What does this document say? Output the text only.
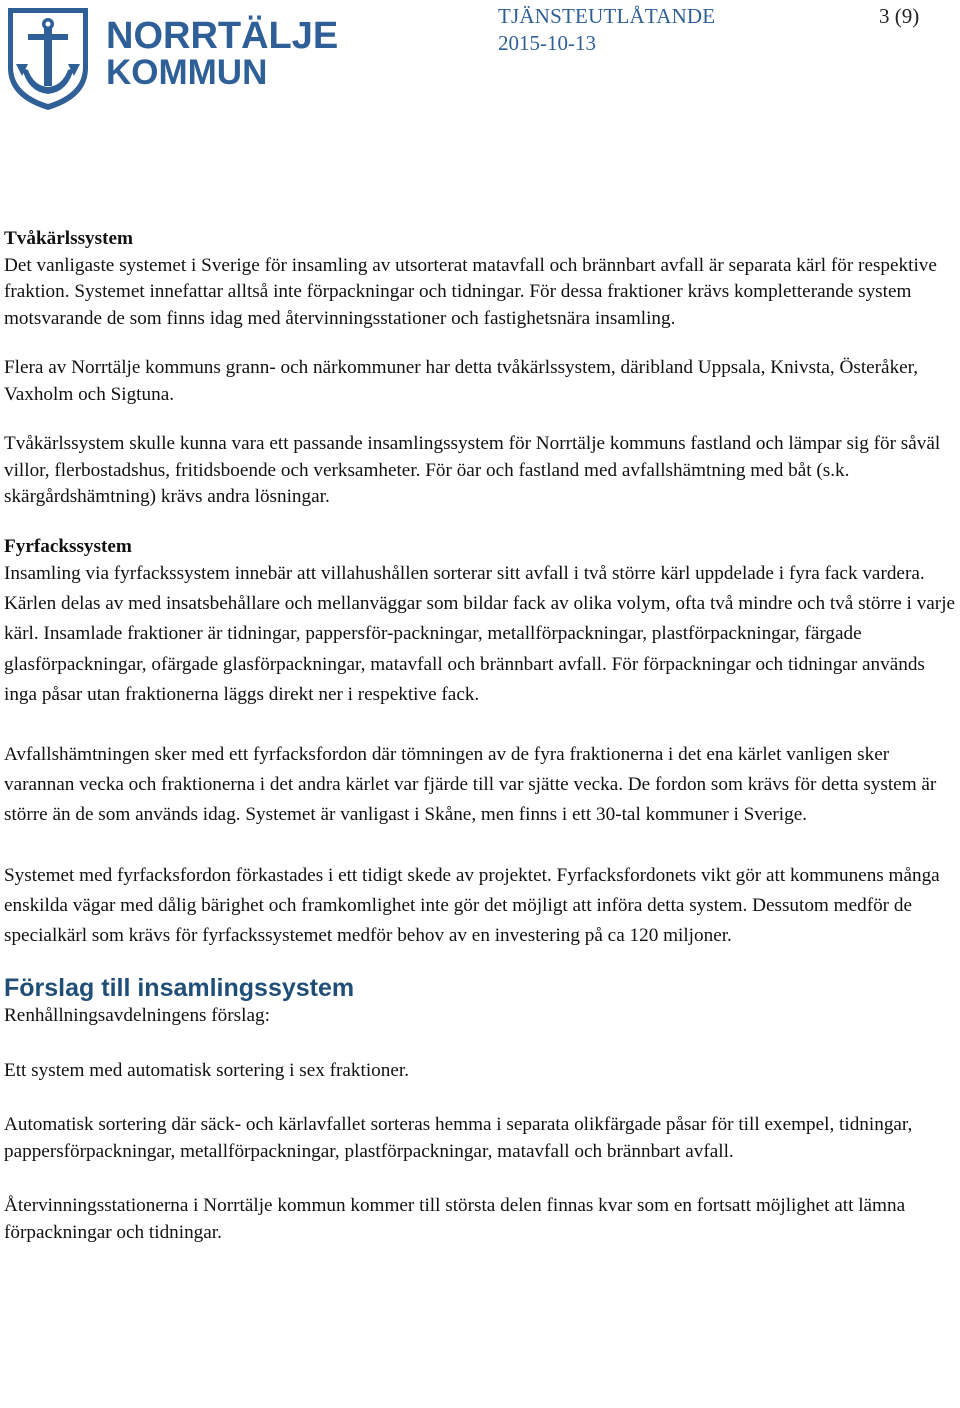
NORRTÄLJE
KOMMUN
TJÄNSTEUTLÅTANDE
2015-10-13
3 (9)

Tvåkärlssystem

Det vanligaste systemet i Sverige för insamling av utsorterat matavfall och brännbart avfall är separata kärl för respektive fraktion. Systemet innefattar alltså inte förpackningar och tidningar. För dessa fraktioner krävs kompletterande system motsvarande de som finns idag med återvinningsstationer och fastighetsnära insamling.

Flera av Norrtälje kommuns grann- och närkommuner har detta tvåkärlssystem, däribland Uppsala, Knivsta, Österåker, Vaxholm och Sigtuna.

Tvåkärlssystem skulle kunna vara ett passande insamlingssystem för Norrtälje kommuns fastland och lämpar sig för såväl villor, flerbostadshus, fritidsboende och verksamheter. För öar och fastland med avfallshämtning med båt (s.k. skärgårdshämtning) krävs andra lösningar.

Fyrfackssystem

Insamling via fyrfackssystem innebär att villahushållen sorterar sitt avfall i två större kärl uppdelade i fyra fack vardera. Kärlen delas av med insatsbehållare och mellanväggar som bildar fack av olika volym, ofta två mindre och två större i varje kärl. Insamlade fraktioner är tidningar, pappersför-packningar, metallförpackningar, plastförpackningar, färgade glasförpackningar, ofärgade glasförpackningar, matavfall och brännbart avfall. För förpackningar och tidningar används inga påsar utan fraktionerna läggs direkt ner i respektive fack.

Avfallshämtningen sker med ett fyrfacksfordon där tömningen av de fyra fraktionerna i det ena kärlet vanligen sker varannan vecka och fraktionerna i det andra kärlet var fjärde till var sjätte vecka. De fordon som krävs för detta system är större än de som används idag. Systemet är vanligast i Skåne, men finns i ett 30-tal kommuner i Sverige.

Systemet med fyrfacksfordon förkastades i ett tidigt skede av projektet. Fyrfacksfordonets vikt gör att kommunens många enskilda vägar med dålig bärighet och framkomlighet inte gör det möjligt att införa detta system. Dessutom medför de specialkärl som krävs för fyrfackssystemet medför behov av en investering på ca 120 miljoner.

Förslag till insamlingssystem

Renhållningsavdelningens förslag:

Ett system med automatisk sortering i sex fraktioner.

Automatisk sortering där säck- och kärlavfallet sorteras hemma i separata olikfärgade påsar för till exempel, tidningar, pappersförpackningar, metallförpackningar, plastförpackningar, matavfall och brännbart avfall.

Återvinningsstationerna i Norrtälje kommun kommer till största delen finnas kvar som en fortsatt möjlighet att lämna förpackningar och tidningar.
